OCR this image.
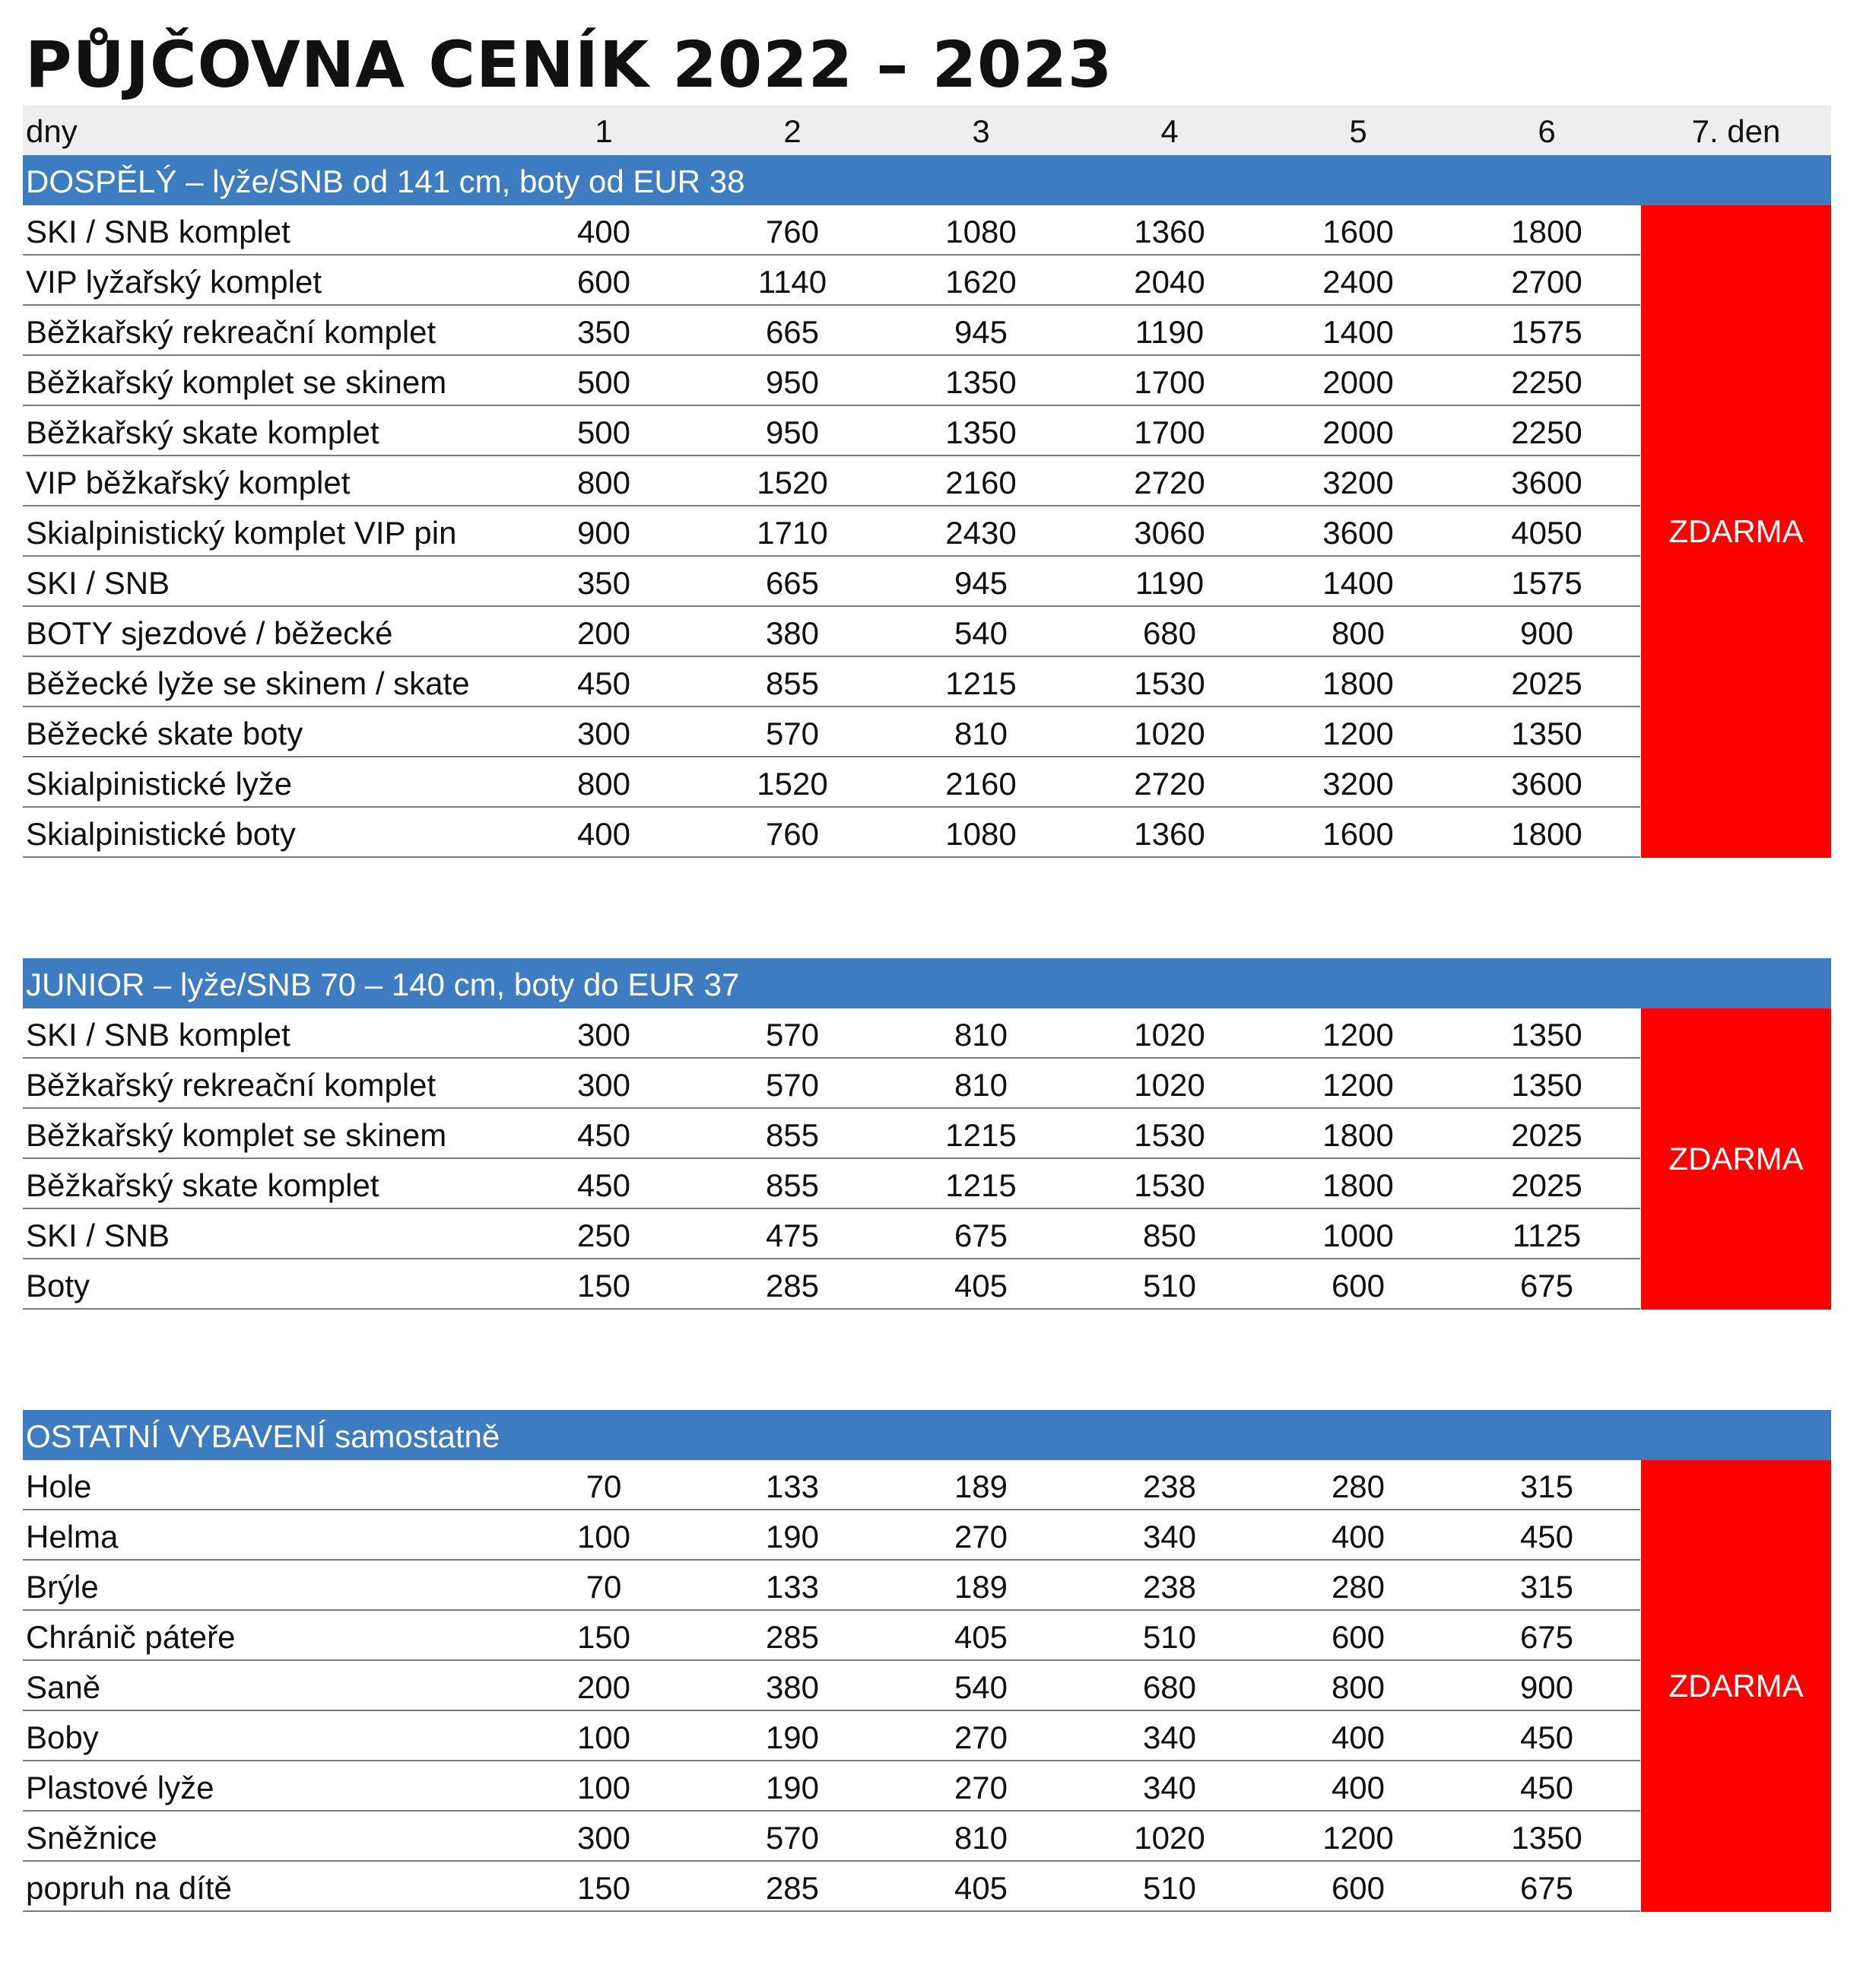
PŮJČOVNA CENÍK 2022 – 2023
dny	1	2	3	4	5	6	7. den
DOSPĚLÝ – lyže/SNB od 141 cm, boty od EUR 38
SKI / SNB komplet	400	760	1080	1360	1600	1800
VIP lyžařský komplet	600	1140	1620	2040	2400	2700
Běžkařský rekreační komplet	350	665	945	1190	1400	1575
Běžkařský komplet se skinem	500	950	1350	1700	2000	2250
Běžkařský skate komplet	500	950	1350	1700	2000	2250
VIP běžkařský komplet	800	1520	2160	2720	3200	3600
Skialpinistický komplet VIP pin	900	1710	2430	3060	3600	4050
SKI / SNB	350	665	945	1190	1400	1575
BOTY sjezdové / běžecké	200	380	540	680	800	900
Běžecké lyže se skinem / skate	450	855	1215	1530	1800	2025
Běžecké skate boty	300	570	810	1020	1200	1350
Skialpinistické lyže	800	1520	2160	2720	3200	3600
Skialpinistické boty	400	760	1080	1360	1600	1800
ZDARMA
JUNIOR – lyže/SNB 70 – 140 cm, boty do EUR 37
SKI / SNB komplet	300	570	810	1020	1200	1350
Běžkařský rekreační komplet	300	570	810	1020	1200	1350
Běžkařský komplet se skinem	450	855	1215	1530	1800	2025
Běžkařský skate komplet	450	855	1215	1530	1800	2025
SKI / SNB	250	475	675	850	1000	1125
Boty	150	285	405	510	600	675
ZDARMA
OSTATNÍ VYBAVENÍ samostatně
Hole	70	133	189	238	280	315
Helma	100	190	270	340	400	450
Brýle	70	133	189	238	280	315
Chránič páteře	150	285	405	510	600	675
Saně	200	380	540	680	800	900
Boby	100	190	270	340	400	450
Plastové lyže	100	190	270	340	400	450
Sněžnice	300	570	810	1020	1200	1350
popruh na dítě	150	285	405	510	600	675
ZDARMA
